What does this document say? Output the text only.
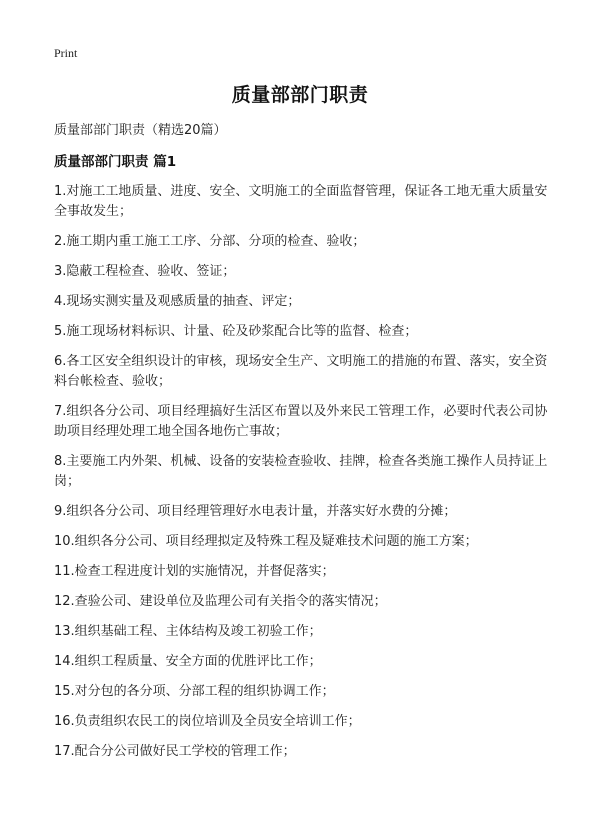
Print
质量部部门职责
质量部部门职责（精选20篇）
质量部部门职责 篇1
1.对施工工地质量、进度、安全、文明施工的全面监督管理，保证各工地无重大质量安全事故发生；
2.施工期内重工施工工序、分部、分项的检查、验收；
3.隐蔽工程检查、验收、签证；
4.现场实测实量及观感质量的抽查、评定；
5.施工现场材料标识、计量、砼及砂浆配合比等的监督、检查；
6.各工区安全组织设计的审核，现场安全生产、文明施工的措施的布置、落实，安全资料台帐检查、验收；
7.组织各分公司、项目经理搞好生活区布置以及外来民工管理工作，必要时代表公司协助项目经理处理工地全国各地伤亡事故；
8.主要施工内外架、机械、设备的安装检查验收、挂牌，检查各类施工操作人员持证上岗；
9.组织各分公司、项目经理管理好水电表计量，并落实好水费的分摊；
10.组织各分公司、项目经理拟定及特殊工程及疑难技术问题的施工方案；
11.检查工程进度计划的实施情况，并督促落实；
12.查验公司、建设单位及监理公司有关指令的落实情况；
13.组织基础工程、主体结构及竣工初验工作；
14.组织工程质量、安全方面的优胜评比工作；
15.对分包的各分项、分部工程的组织协调工作；
16.负责组织农民工的岗位培训及全员安全培训工作；
17.配合分公司做好民工学校的管理工作；
